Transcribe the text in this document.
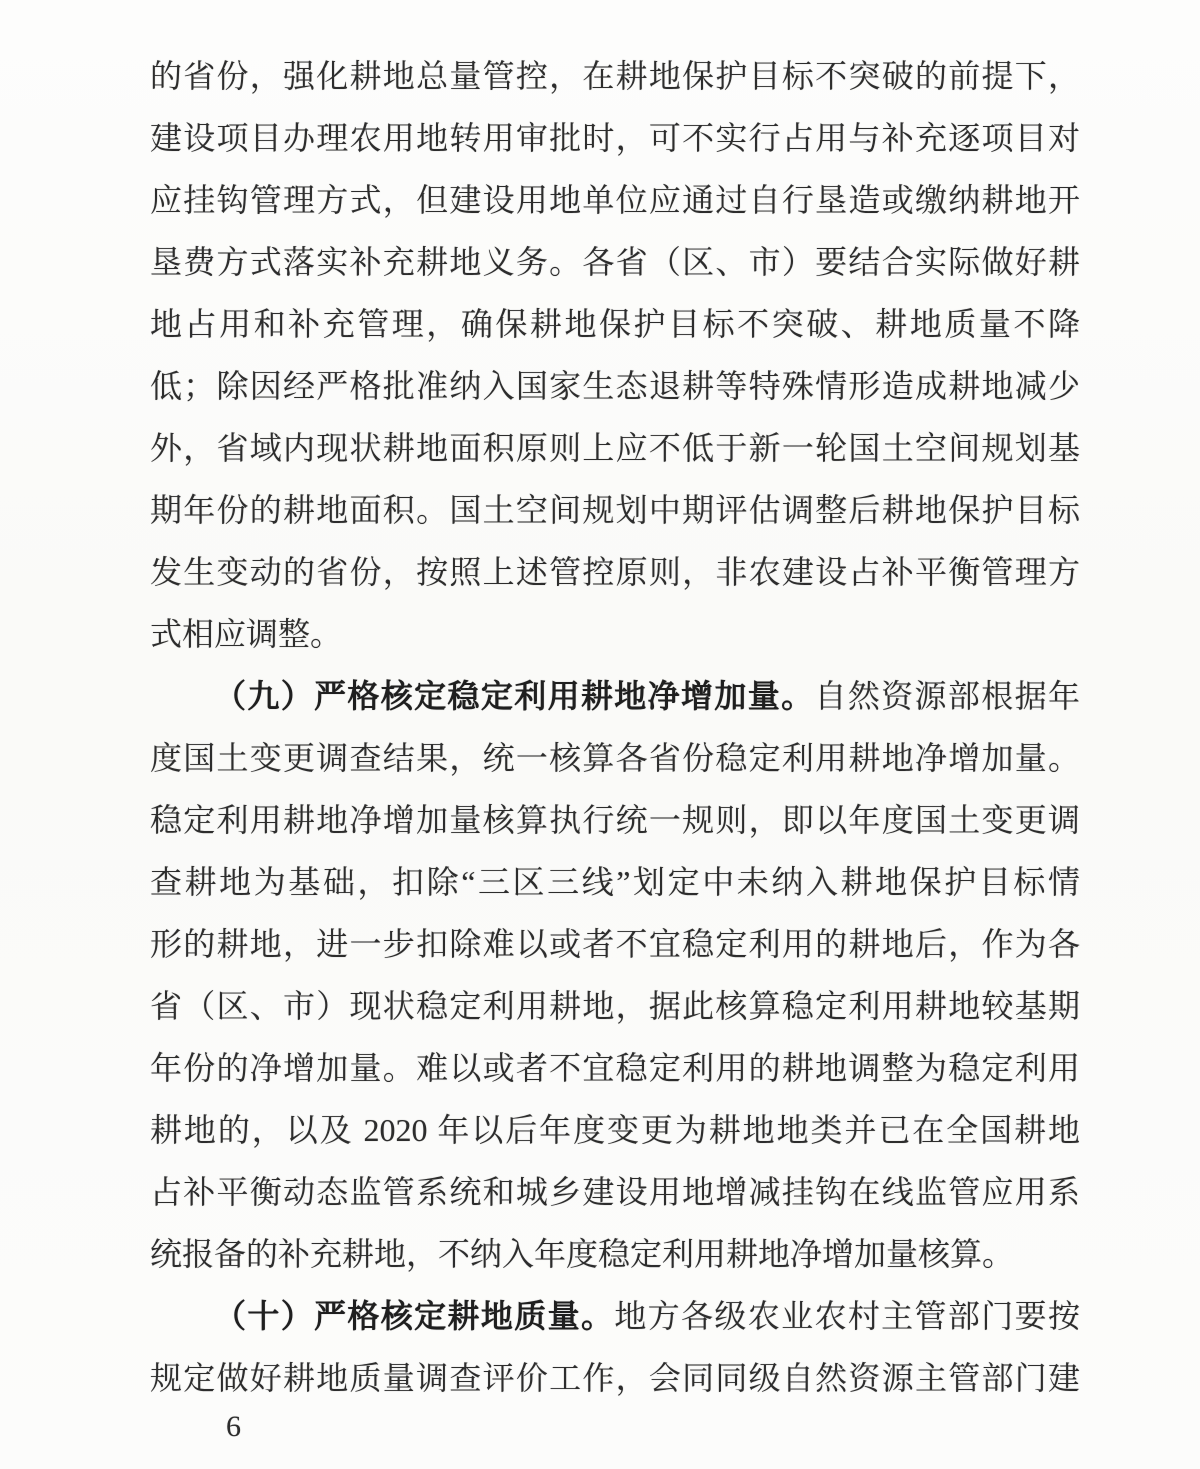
的省份，强化耕地总量管控，在耕地保护目标不突破的前提下，
建设项目办理农用地转用审批时，可不实行占用与补充逐项目对
应挂钩管理方式，但建设用地单位应通过自行垦造或缴纳耕地开
垦费方式落实补充耕地义务。各省（区、市）要结合实际做好耕
地占用和补充管理，确保耕地保护目标不突破、耕地质量不降
低；除因经严格批准纳入国家生态退耕等特殊情形造成耕地减少
外，省域内现状耕地面积原则上应不低于新一轮国土空间规划基
期年份的耕地面积。国土空间规划中期评估调整后耕地保护目标
发生变动的省份，按照上述管控原则，非农建设占补平衡管理方
式相应调整。
（九）严格核定稳定利用耕地净增加量。自然资源部根据年
度国土变更调查结果，统一核算各省份稳定利用耕地净增加量。
稳定利用耕地净增加量核算执行统一规则，即以年度国土变更调
查耕地为基础，扣除“三区三线”划定中未纳入耕地保护目标情
形的耕地，进一步扣除难以或者不宜稳定利用的耕地后，作为各
省（区、市）现状稳定利用耕地，据此核算稳定利用耕地较基期
年份的净增加量。难以或者不宜稳定利用的耕地调整为稳定利用
耕地的，以及 2020 年以后年度变更为耕地地类并已在全国耕地
占补平衡动态监管系统和城乡建设用地增减挂钩在线监管应用系
统报备的补充耕地，不纳入年度稳定利用耕地净增加量核算。
（十）严格核定耕地质量。地方各级农业农村主管部门要按
规定做好耕地质量调查评价工作，会同同级自然资源主管部门建
6
